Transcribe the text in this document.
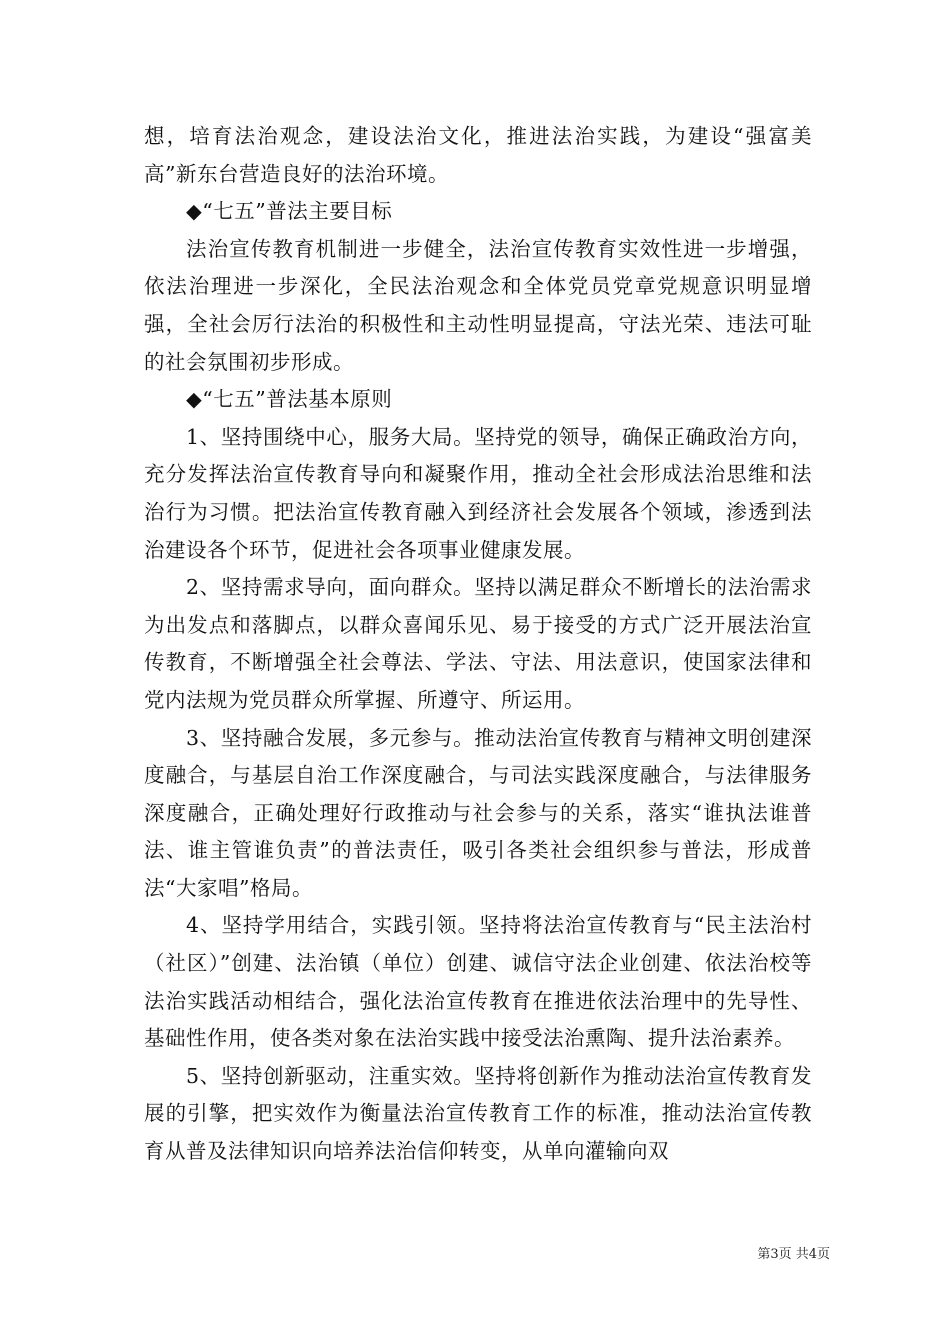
想，培育法治观念，建设法治文化，推进法治实践，为建设“强富美高”新东台营造良好的法治环境。

◆“七五”普法主要目标

法治宣传教育机制进一步健全，法治宣传教育实效性进一步增强，依法治理进一步深化，全民法治观念和全体党员党章党规意识明显增强，全社会厉行法治的积极性和主动性明显提高，守法光荣、违法可耻的社会氛围初步形成。

◆“七五”普法基本原则

1、坚持围绕中心，服务大局。坚持党的领导，确保正确政治方向，充分发挥法治宣传教育导向和凝聚作用，推动全社会形成法治思维和法治行为习惯。把法治宣传教育融入到经济社会发展各个领域，渗透到法治建设各个环节，促进社会各项事业健康发展。

2、坚持需求导向，面向群众。坚持以满足群众不断增长的法治需求为出发点和落脚点，以群众喜闻乐见、易于接受的方式广泛开展法治宣传教育，不断增强全社会尊法、学法、守法、用法意识，使国家法律和党内法规为党员群众所掌握、所遵守、所运用。

3、坚持融合发展，多元参与。推动法治宣传教育与精神文明创建深度融合，与基层自治工作深度融合，与司法实践深度融合，与法律服务深度融合，正确处理好行政推动与社会参与的关系，落实“谁执法谁普法、谁主管谁负责”的普法责任，吸引各类社会组织参与普法，形成普法“大家唱”格局。

4、坚持学用结合，实践引领。坚持将法治宣传教育与“民主法治村（社区）”创建、法治镇（单位）创建、诚信守法企业创建、依法治校等法治实践活动相结合，强化法治宣传教育在推进依法治理中的先导性、基础性作用，使各类对象在法治实践中接受法治熏陶、提升法治素养。

5、坚持创新驱动，注重实效。坚持将创新作为推动法治宣传教育发展的引擎，把实效作为衡量法治宣传教育工作的标准，推动法治宣传教育从普及法律知识向培养法治信仰转变，从单向灌输向双

第3页 共4页
